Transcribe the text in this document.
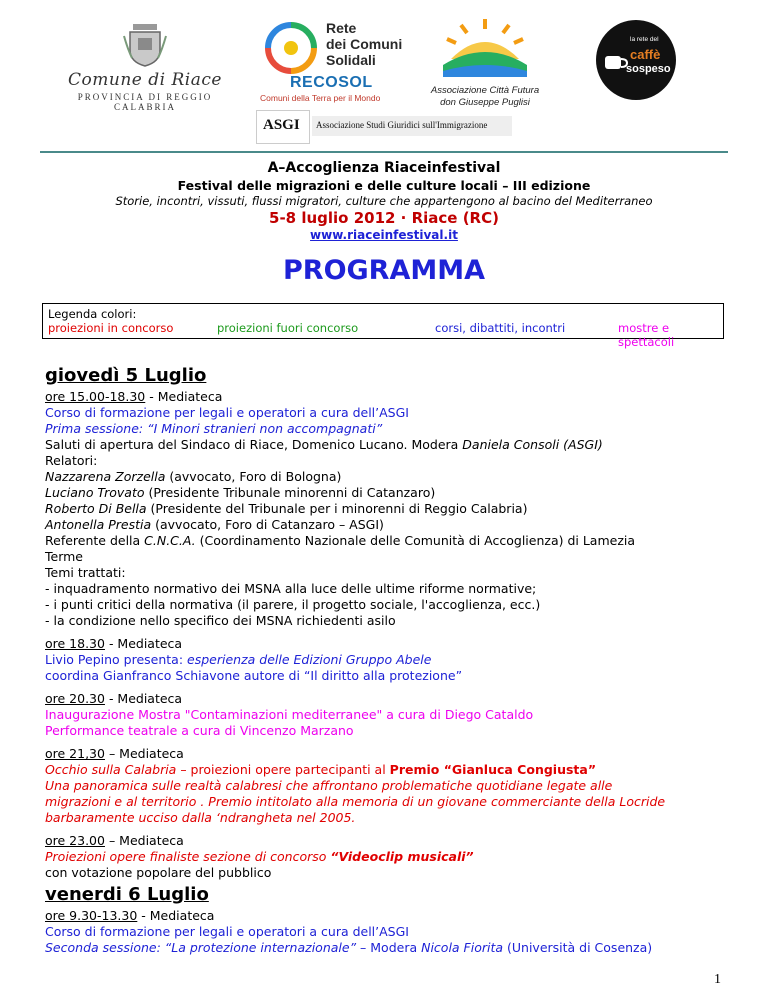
Comune di Riace
PROVINCIA DI REGGIO CALABRIA
Rete
dei Comuni
Solidali
RECOSOL
Comuni della Terra per il Mondo
Associazione Città Futura
don Giuseppe Puglisi
la rete del
caffè
sospeso
ASGI Associazione Studi Giuridici sull'Immigrazione
A–Accoglienza Riaceinfestival
Festival delle migrazioni e delle culture locali – III edizione
Storie, incontri, vissuti, flussi migratori, culture che appartengono al bacino del Mediterraneo
5-8 luglio 2012 · Riace (RC)
www.riaceinfestival.it
PROGRAMMA
Legenda colori:
proiezioni in concorso	proiezioni fuori concorso	corsi, dibattiti, incontri	mostre e spettacoli
giovedì 5 Luglio
ore 15.00-18.30 - Mediateca
Corso di formazione per legali e operatori a cura dell’ASGI
Prima sessione: “I Minori stranieri non accompagnati”
Saluti di apertura del Sindaco di Riace, Domenico Lucano. Modera Daniela Consoli (ASGI)
Relatori:
Nazzarena Zorzella (avvocato, Foro di Bologna)
Luciano Trovato (Presidente Tribunale minorenni di Catanzaro)
Roberto Di Bella (Presidente del Tribunale per i minorenni di Reggio Calabria)
Antonella Prestia (avvocato, Foro di Catanzaro – ASGI)
Referente della C.N.C.A. (Coordinamento Nazionale delle Comunità di Accoglienza) di Lamezia
Terme
Temi trattati:
- inquadramento normativo dei MSNA alla luce delle ultime riforme normative;
- i punti critici della normativa (il parere, il progetto sociale, l'accoglienza, ecc.)
- la condizione nello specifico dei MSNA richiedenti asilo
ore 18.30 - Mediateca
Livio Pepino presenta: esperienza delle Edizioni Gruppo Abele
coordina Gianfranco Schiavone autore di “Il diritto alla protezione”
ore 20.30 - Mediateca
Inaugurazione Mostra "Contaminazioni mediterranee" a cura di Diego Cataldo
Performance teatrale a cura di Vincenzo Marzano
ore 21,30 – Mediateca
Occhio sulla Calabria – proiezioni opere partecipanti al Premio “Gianluca Congiusta”
Una panoramica sulle realtà calabresi che affrontano problematiche quotidiane legate alle
migrazioni e al territorio . Premio intitolato alla memoria di un giovane commerciante della Locride
barbaramente ucciso dalla ‘ndrangheta nel 2005.
ore 23.00 – Mediateca
Proiezioni opere finaliste sezione di concorso “Videoclip musicali”
con votazione popolare del pubblico
venerdi 6 Luglio
ore 9.30-13.30 - Mediateca
Corso di formazione per legali e operatori a cura dell’ASGI
Seconda sessione: “La protezione internazionale” – Modera Nicola Fiorita (Università di Cosenza)
1
